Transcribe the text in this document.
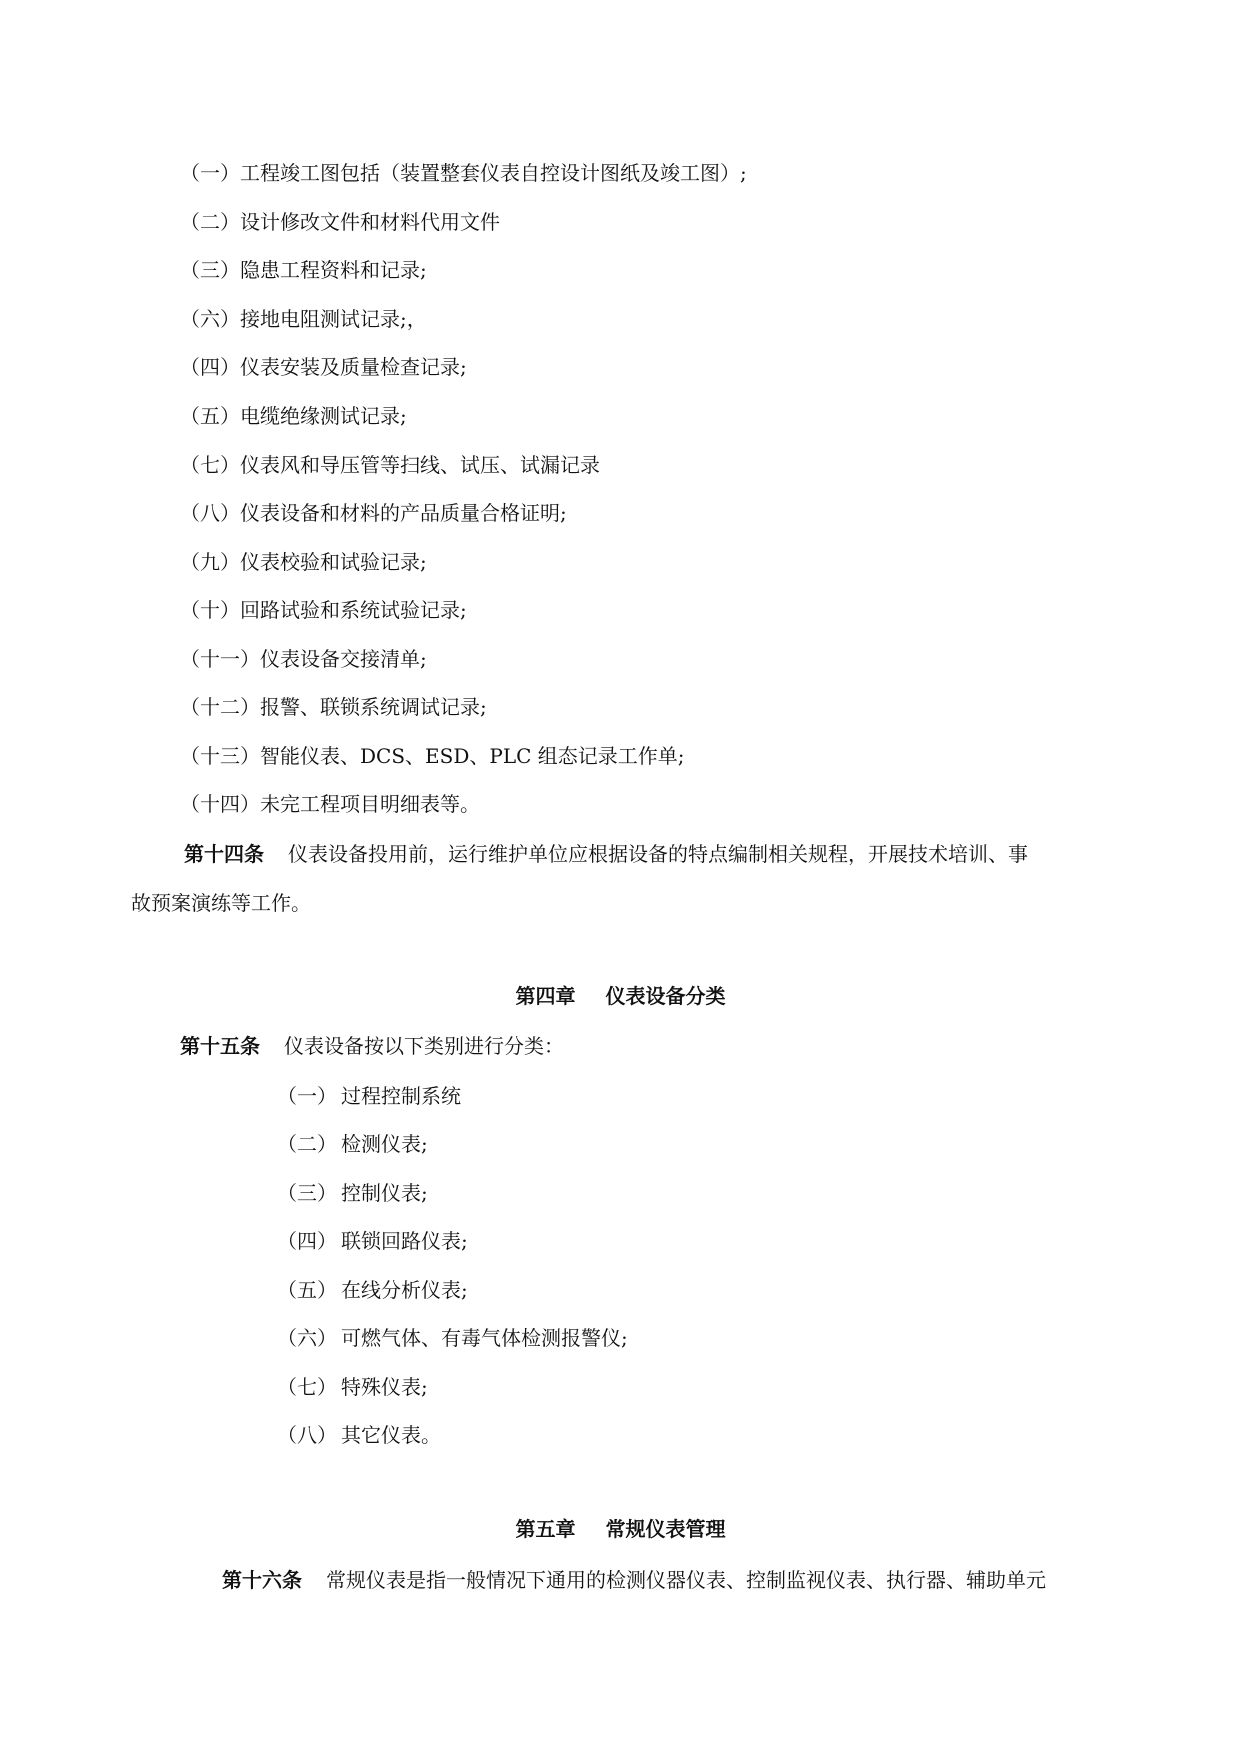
（一）工程竣工图包括（装置整套仪表自控设计图纸及竣工图）;
（二）设计修改文件和材料代用文件
（三）隐患工程资料和记录;
（六）接地电阻测试记录;，
（四）仪表安装及质量检查记录;
（五）电缆绝缘测试记录;
（七）仪表风和导压管等扫线、试压、试漏记录
（八）仪表设备和材料的产品质量合格证明;
（九）仪表校验和试验记录;
（十）回路试验和系统试验记录;
（十一）仪表设备交接清单;
（十二）报警、联锁系统调试记录;
（十三）智能仪表、DCS、ESD、PLC 组态记录工作单;
（十四）未完工程项目明细表等。
第十四条 仪表设备投用前，运行维护单位应根据设备的特点编制相关规程，开展技术培训、事
故预案演练等工作。
第四章 仪表设备分类
第十五条 仪表设备按以下类别进行分类：
（一） 过程控制系统
（二） 检测仪表;
（三） 控制仪表;
（四） 联锁回路仪表;
（五） 在线分析仪表;
（六） 可燃气体、有毒气体检测报警仪;
（七） 特殊仪表;
（八） 其它仪表。
第五章 常规仪表管理
第十六条 常规仪表是指一般情况下通用的检测仪器仪表、控制监视仪表、执行器、辅助单元
